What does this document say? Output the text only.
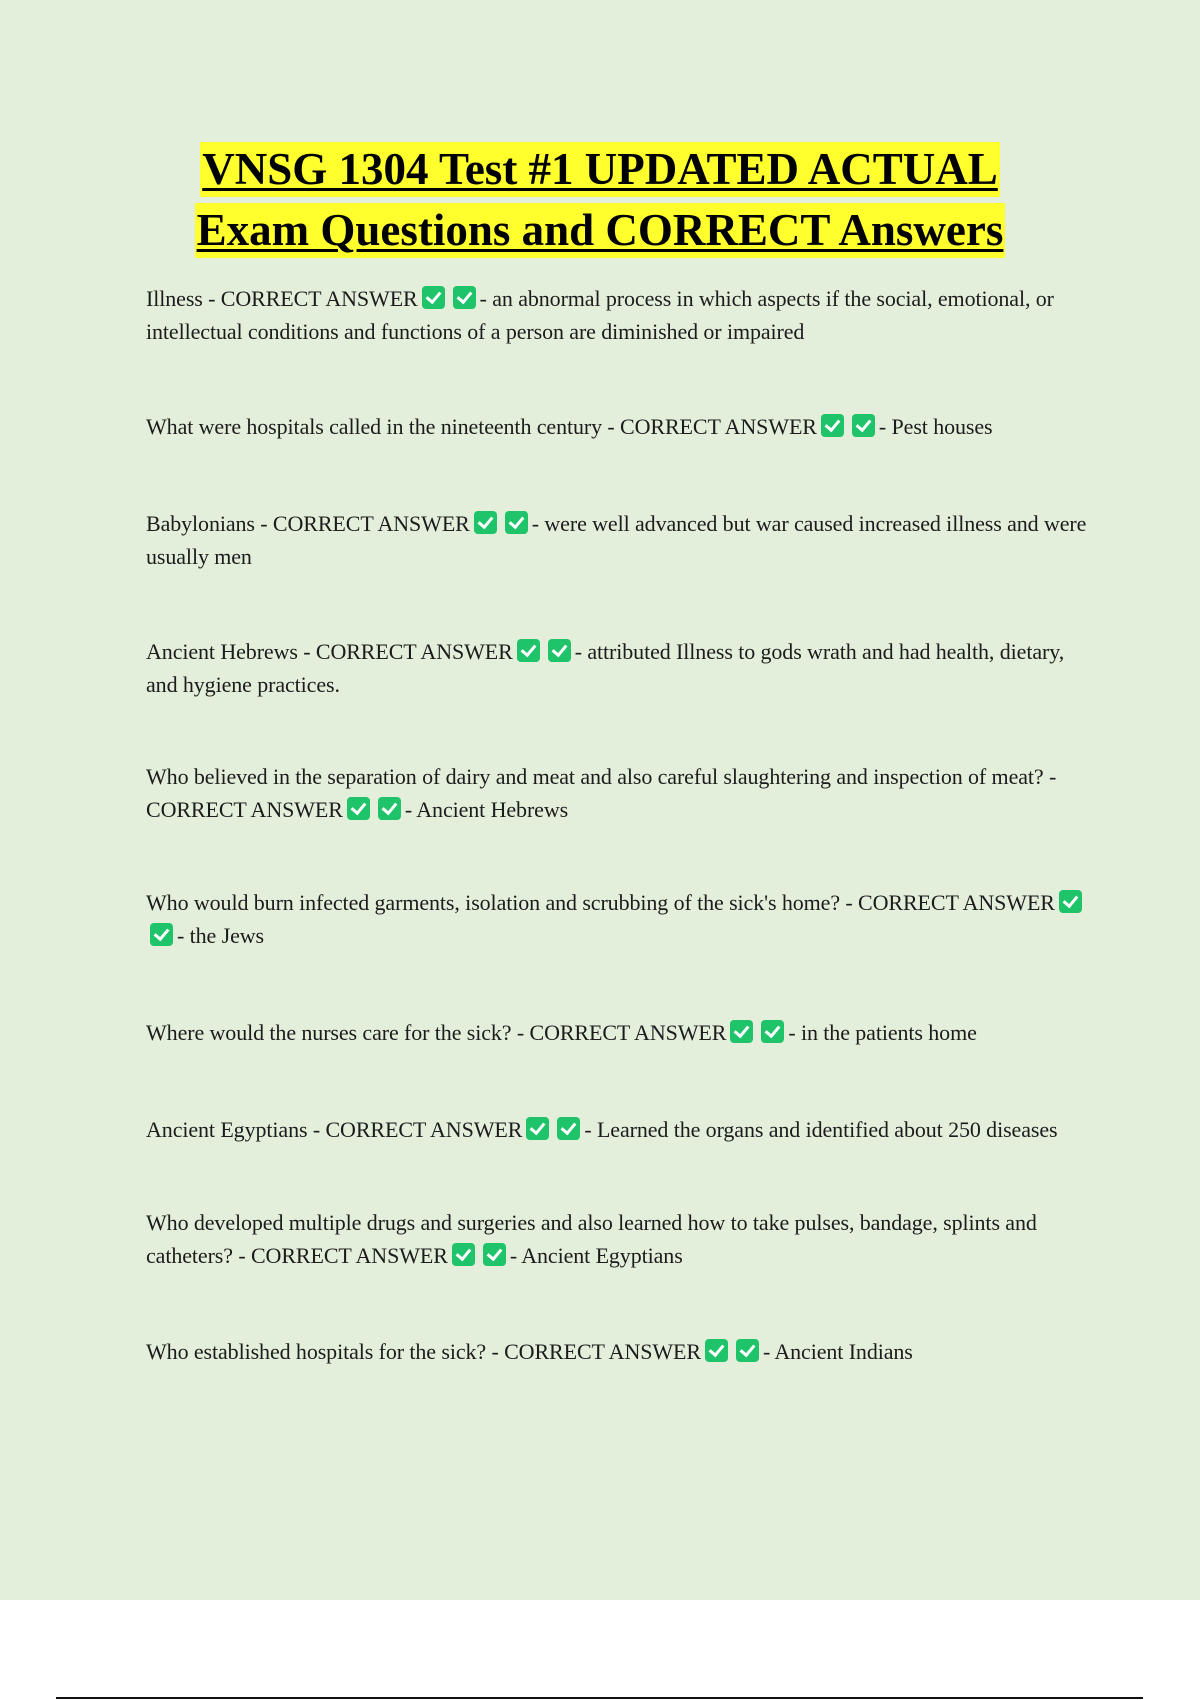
VNSG 1304 Test #1 UPDATED ACTUAL
Exam Questions and CORRECT Answers

Illness - CORRECT ANSWER	- an abnormal process in which aspects if the social, emotional, or intellectual conditions and functions of a person are diminished or impaired

What were hospitals called in the nineteenth century - CORRECT ANSWER	- Pest houses

Babylonians - CORRECT ANSWER	- were well advanced but war caused increased illness and were usually men

Ancient Hebrews - CORRECT ANSWER	- attributed Illness to gods wrath and had health, dietary, and hygiene practices.

Who believed in the separation of dairy and meat and also careful slaughtering and inspection of meat? - CORRECT ANSWER	- Ancient Hebrews

Who would burn infected garments, isolation and scrubbing of the sick's home? - CORRECT ANSWER- the Jews

Where would the nurses care for the sick? - CORRECT ANSWER	- in the patients home

Ancient Egyptians - CORRECT ANSWER	- Learned the organs and identified about 250 diseases

Who developed multiple drugs and surgeries and also learned how to take pulses, bandage, splints and catheters? - CORRECT ANSWER	- Ancient Egyptians

Who established hospitals for the sick? - CORRECT ANSWER	- Ancient Indians
